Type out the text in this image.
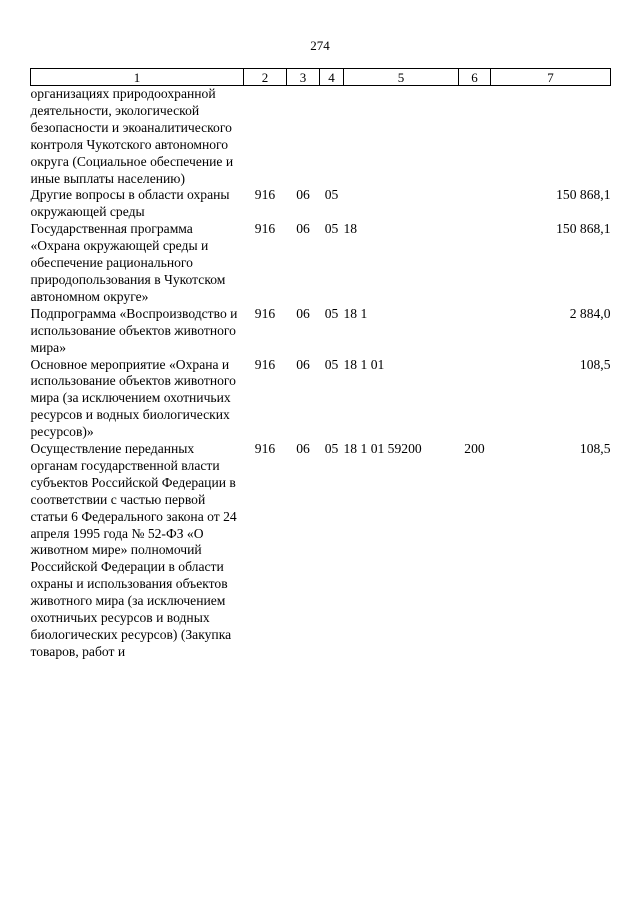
274
1	2	3	4	5	6	7
организациях природоохранной деятельности, экологической безопасности и экоаналитического контроля Чукотского автономного округа (Социальное обеспечение и иные выплаты населению)						
Другие вопросы в области охраны окружающей среды	916	06	05			150 868,1
Государственная программа «Охрана окружающей среды и обеспечение рационального природопользования в Чукотском автономном округе»	916	06	05	18		150 868,1
Подпрограмма «Воспроизводство и использование объектов животного мира»	916	06	05	18 1		2 884,0
Основное мероприятие «Охрана и использование объектов животного мира (за исключением охотничьих ресурсов и водных биологических ресурсов)»	916	06	05	18 1 01		108,5
Осуществление переданных органам государственной власти субъектов Российской Федерации в соответствии с частью первой статьи 6 Федерального закона от 24 апреля 1995 года № 52-ФЗ «О животном мире» полномочий Российской Федерации в области охраны и использования объектов животного мира (за исключением охотничьих ресурсов и водных биологических ресурсов) (Закупка товаров, работ и	916	06	05	18 1 01 59200	200	108,5
